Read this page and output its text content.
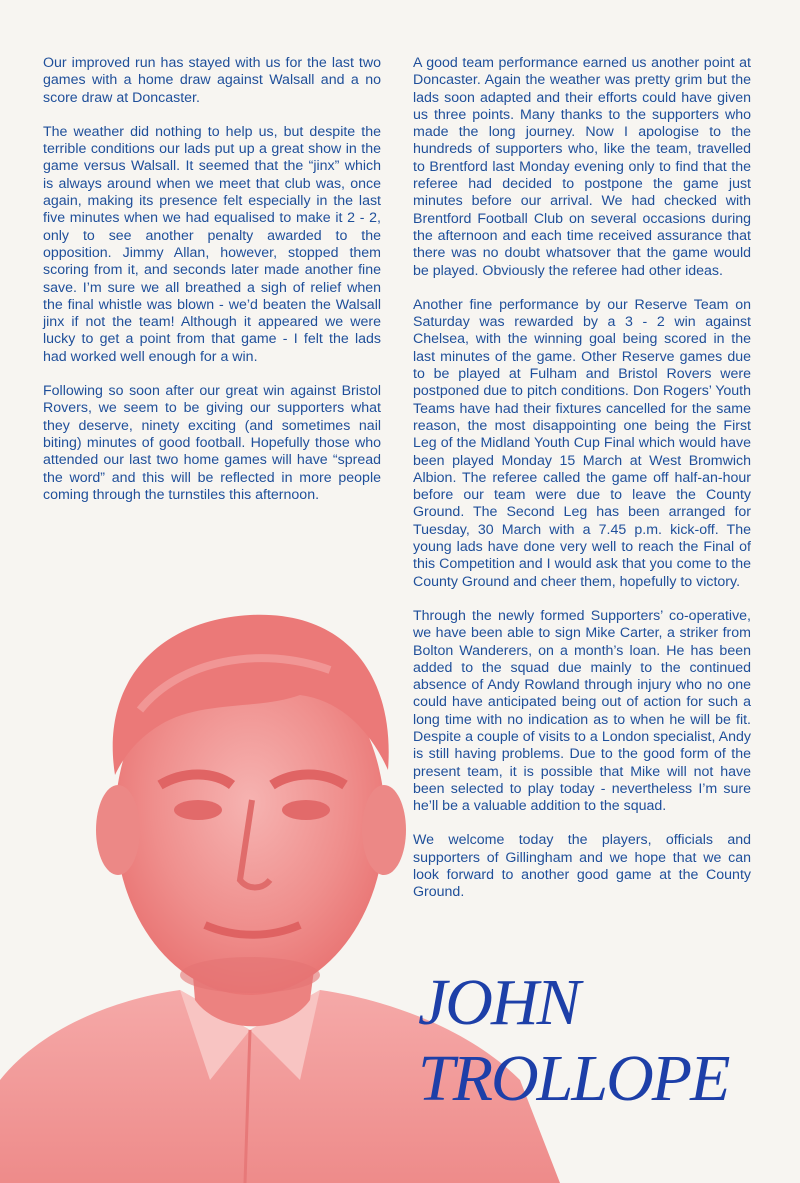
Our improved run has stayed with us for the last two games with a home draw against Walsall and a no score draw at Doncaster.

The weather did nothing to help us, but despite the terrible conditions our lads put up a great show in the game versus Walsall. It seemed that the “jinx” which is always around when we meet that club was, once again, making its presence felt especially in the last five minutes when we had equalised to make it 2 - 2, only to see another penalty awarded to the opposition. Jimmy Allan, however, stopped them scoring from it, and seconds later made another fine save. I’m sure we all breathed a sigh of relief when the final whistle was blown - we’d beaten the Walsall jinx if not the team! Although it appeared we were lucky to get a point from that game - I felt the lads had worked well enough for a win.

Following so soon after our great win against Bristol Rovers, we seem to be giving our supporters what they deserve, ninety exciting (and sometimes nail biting) minutes of good football. Hopefully those who attended our last two home games will have “spread the word” and this will be reflected in more people coming through the turnstiles this afternoon.

A good team performance earned us another point at Doncaster. Again the weather was pretty grim but the lads soon adapted and their efforts could have given us three points. Many thanks to the supporters who made the long journey. Now I apologise to the hundreds of supporters who, like the team, travelled to Brentford last Monday evening only to find that the referee had decided to postpone the game just minutes before our arrival. We had checked with Brentford Football Club on several occasions during the afternoon and each time received assurance that there was no doubt whatsover that the game would be played. Obviously the referee had other ideas.

Another fine performance by our Reserve Team on Saturday was rewarded by a 3 - 2 win against Chelsea, with the winning goal being scored in the last minutes of the game. Other Reserve games due to be played at Fulham and Bristol Rovers were postponed due to pitch conditions. Don Rogers’ Youth Teams have had their fixtures cancelled for the same reason, the most disappointing one being the First Leg of the Midland Youth Cup Final which would have been played Monday 15 March at West Bromwich Albion. The referee called the game off half-an-hour before our team were due to leave the County Ground. The Second Leg has been arranged for Tuesday, 30 March with a 7.45 p.m. kick-off. The young lads have done very well to reach the Final of this Competition and I would ask that you come to the County Ground and cheer them, hopefully to victory.

Through the newly formed Supporters’ co-operative, we have been able to sign Mike Carter, a striker from Bolton Wanderers, on a month’s loan. He has been added to the squad due mainly to the continued absence of Andy Rowland through injury who no one could have anticipated being out of action for such a long time with no indication as to when he will be fit. Despite a couple of visits to a London specialist, Andy is still having problems. Due to the good form of the present team, it is possible that Mike will not have been selected to play today - nevertheless I’m sure he’ll be a valuable addition to the squad.

We welcome today the players, officials and supporters of Gillingham and we hope that we can look forward to another good game at the County Ground.

JOHN
TROLLOPE
